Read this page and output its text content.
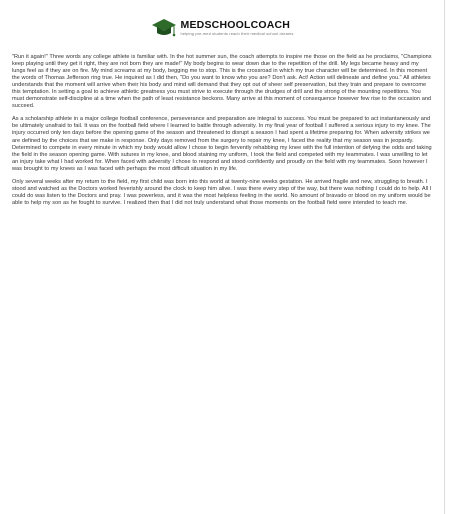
MEDSCHOOLCOACH
helping pre-med students reach their medical school dreams

"Run it again!" Three words any college athlete is familiar with. In the hot summer sun, the coach attempts to inspire me those on the field as he proclaims, "Champions keep playing until they get it right, they are not born they are made!" My body begins to wear down due to the repetition of the drill. My legs became heavy and my lungs feel as if they are on fire. My mind screams at my body, begging me to stop. This is the crossroad in which my true character will be determined. In this moment the words of Thomas Jefferson ring true. He inquired as I did then, "Do you want to know who you are? Don't ask. Act! Action will delineate and define you." All athletes understands that the moment will arrive when their his body and mind will demand that they opt out of sheer self preservation, but they train and prepare to overcome this temptation. In setting a goal to achieve athletic greatness you must strive to execute through the drudges of drill and the strong of the mounting repetitions. You must demonstrate self-discipline at a time when the path of least resistance beckons. Many arrive at this moment of consequence however few rise to the occasion and succeed.

As a scholarship athlete in a major college football conference, perseverance and preparation are integral to success. You must be prepared to act instantaneously and be ultimately unafraid to fail. It was on the football field where I learned to battle through adversity. In my final year of football I suffered a serious injury to my knee. The injury occurred only ten days before the opening game of the season and threatened to disrupt a season I had spent a lifetime preparing for. When adversity strikes we are defined by the choices that we make in response. Only days removed from the surgery to repair my knee, I faced the reality that my season was in jeopardy. Determined to compete in every minute in which my body would allow I chose to begin fervently rehabbing my knee with the full intention of defying the odds and taking the field in the season opening game. With sutures in my knee, and blood staining my uniform, I took the field and competed with my teammates. I was unwilling to let an injury take what I had worked for. When faced with adversity I chose to respond and stood confidently and proudly on the field with my teammates. Soon however I was brought to my knees as I was faced with perhaps the most difficult situation in my life.

Only several weeks after my return to the field, my first child was born into this world at twenty-nine weeks gestation. He arrived fragile and new, struggling to breath. I stood and watched as the Doctors worked feverishly around the clock to keep him alive. I was there every step of the way, but there was nothing I could do to help. All I could do was listen to the Doctors and pray. I was powerless, and it was the most helpless feeling in the world. No amount of bravado or blood on my uniform would be able to help my son as he fought to survive. I realized then that I did not truly understand what those moments on the football field were intended to teach me.
